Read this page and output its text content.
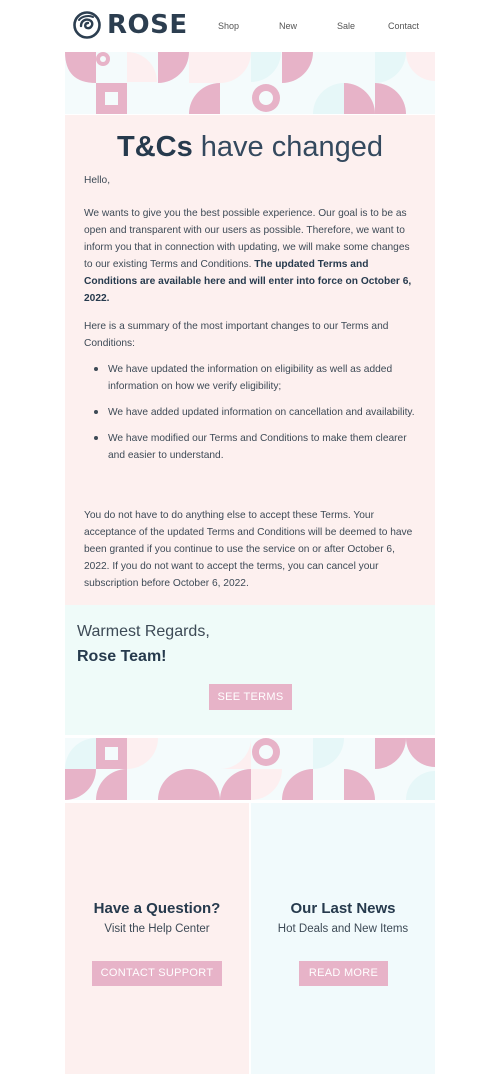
ROSE	Shop	New	Sale	Contact
T&Cs have changed
Hello,
We wants to give you the best possible experience. Our goal is to be as open and transparent with our users as possible. Therefore, we want to inform you that in connection with updating, we will make some changes to our existing Terms and Conditions. The updated Terms and Conditions are available here and will enter into force on October 6, 2022.
Here is a summary of the most important changes to our Terms and Conditions:
We have updated the information on eligibility as well as added information on how we verify eligibility;
We have added updated information on cancellation and availability.
We have modified our Terms and Conditions to make them clearer and easier to understand.
You do not have to do anything else to accept these Terms. Your acceptance of the updated Terms and Conditions will be deemed to have been granted if you continue to use the service on or after October 6, 2022. If you do not want to accept the terms, you can cancel your subscription before October 6, 2022.
Warmest Regards,
Rose Team!
SEE TERMS
Have a Question?

Visit the Help Center

CONTACT SUPPORT
Our Last News

Hot Deals and New Items

READ MORE
